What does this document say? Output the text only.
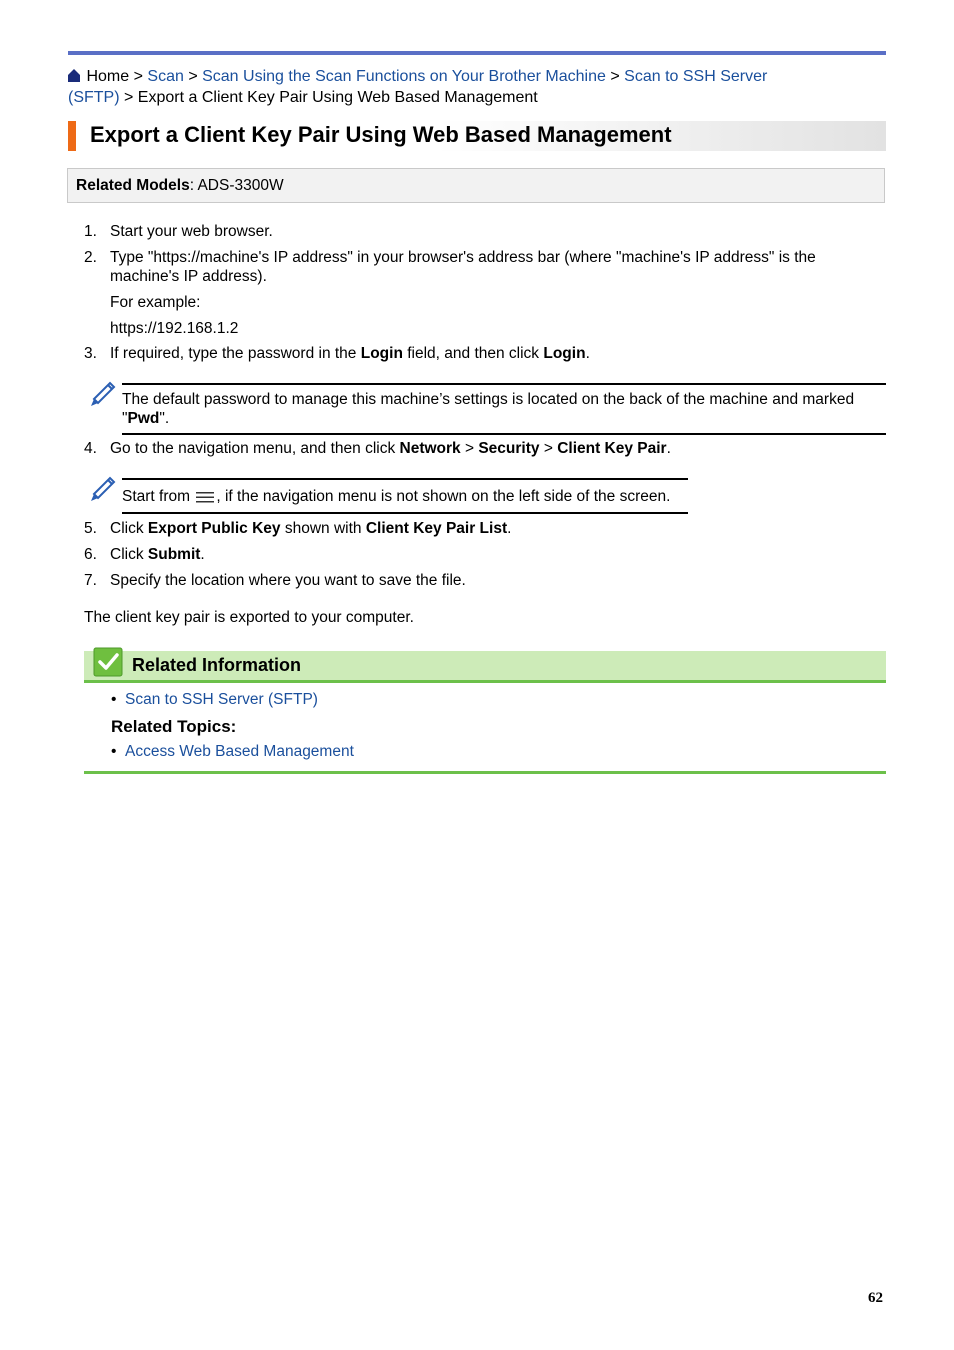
Home > Scan > Scan Using the Scan Functions on Your Brother Machine > Scan to SSH Server
(SFTP) > Export a Client Key Pair Using Web Based Management
Export a Client Key Pair Using Web Based Management
Related Models: ADS-3300W
1. Start your web browser.
2. Type "https://machine's IP address" in your browser's address bar (where "machine's IP address" is the
machine's IP address).
For example:
https://192.168.1.2
3. If required, type the password in the Login field, and then click Login.
The default password to manage this machine’s settings is located on the back of the machine and marked
"Pwd".
4. Go to the navigation menu, and then click Network > Security > Client Key Pair.
Start from , if the navigation menu is not shown on the left side of the screen.
5. Click Export Public Key shown with Client Key Pair List.
6. Click Submit.
7. Specify the location where you want to save the file.
The client key pair is exported to your computer.
Related Information
• Scan to SSH Server (SFTP)
Related Topics:
• Access Web Based Management
62
